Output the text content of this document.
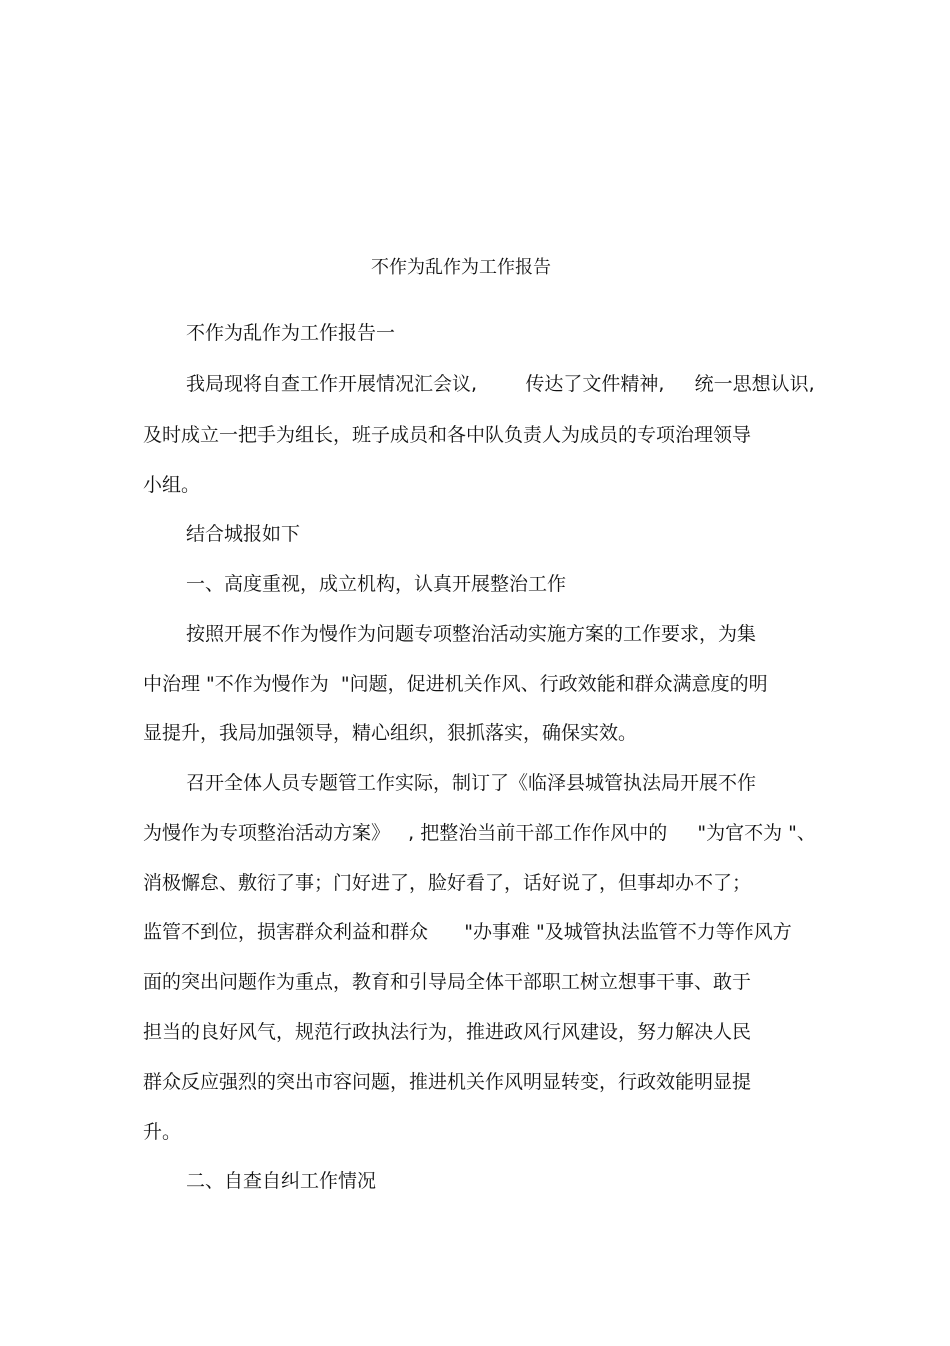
不作为乱作为工作报告
不作为乱作为工作报告一
我局现将自查工作开展情况汇会议,        传达了文件精神,     统一思想认识,
及时成立一把手为组长，班子成员和各中队负责人为成员的专项治理领导
小组。
结合城报如下
一、高度重视，成立机构，认真开展整治工作
按照开展不作为慢作为问题专项整治活动实施方案的工作要求，为集
中治理 "不作为慢作为  "问题，促进机关作风、行政效能和群众满意度的明
显提升，我局加强领导，精心组织，狠抓落实，确保实效。
召开全体人员专题管工作实际，制订了《临泽县城管执法局开展不作
为慢作为专项整治活动方案》   , 把整治当前干部工作作风中的     "为官不为 "、
消极懈怠、敷衍了事；门好进了，脸好看了，话好说了，但事却办不了；
监管不到位，损害群众利益和群众      "办事难 "及城管执法监管不力等作风方
面的突出问题作为重点，教育和引导局全体干部职工树立想事干事、敢于
担当的良好风气，规范行政执法行为，推进政风行风建设，努力解决人民
群众反应强烈的突出市容问题，推进机关作风明显转变，行政效能明显提
升。
二、自查自纠工作情况
